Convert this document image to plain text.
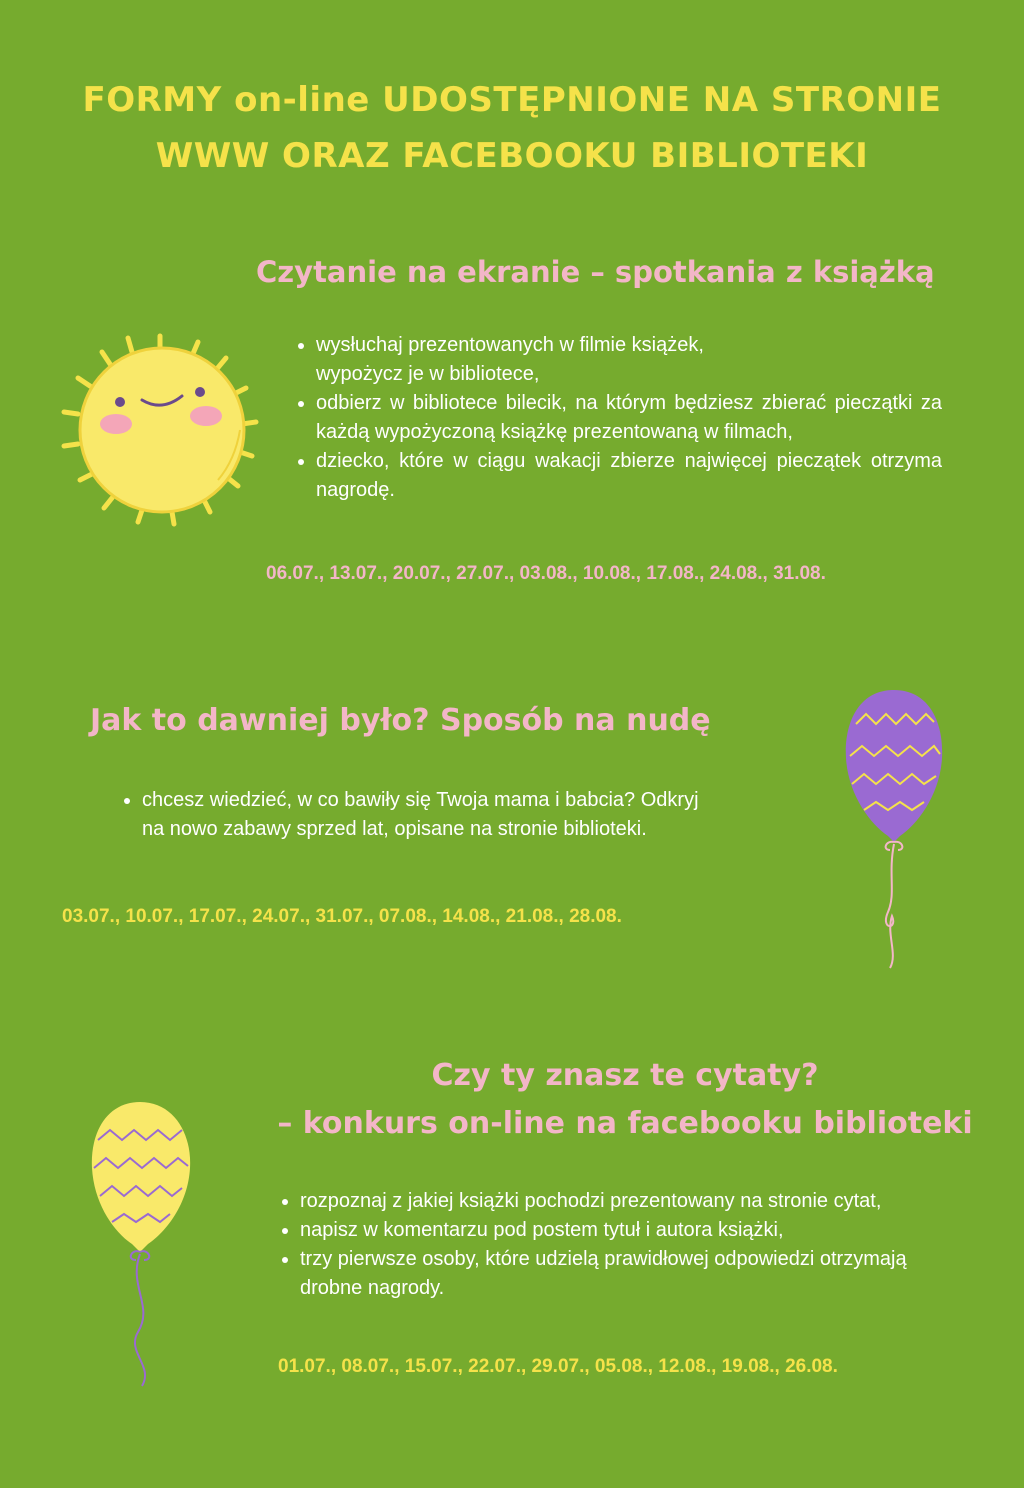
FORMY on-line UDOSTĘPNIONE NA STRONIE
WWW ORAZ FACEBOOKU BIBLIOTEKI
Czytanie na ekranie – spotkania z książką
• wysłuchaj prezentowanych w filmie książek, wypożycz je w bibliotece,
• odbierz w bibliotece bilecik, na którym będziesz zbierać pieczątki za każdą wypożyczoną książkę prezentowaną w filmach,
• dziecko, które w ciągu wakacji zbierze najwięcej pieczątek otrzyma nagrodę.

06.07., 13.07., 20.07., 27.07., 03.08., 10.08., 17.08., 24.08., 31.08.

Jak to dawniej było? Sposób na nudę
• chcesz wiedzieć, w co bawiły się Twoja mama i babcia? Odkryj na nowo zabawy sprzed lat, opisane na stronie biblioteki.

03.07., 10.07., 17.07., 24.07., 31.07., 07.08., 14.08., 21.08., 28.08.

Czy ty znasz te cytaty?
– konkurs on-line na facebooku biblioteki
• rozpoznaj z jakiej książki pochodzi prezentowany na stronie cytat,
• napisz w komentarzu pod postem tytuł i autora książki,
• trzy pierwsze osoby, które udzielą prawidłowej odpowiedzi otrzymają drobne nagrody.

01.07., 08.07., 15.07., 22.07., 29.07., 05.08., 12.08., 19.08., 26.08.
